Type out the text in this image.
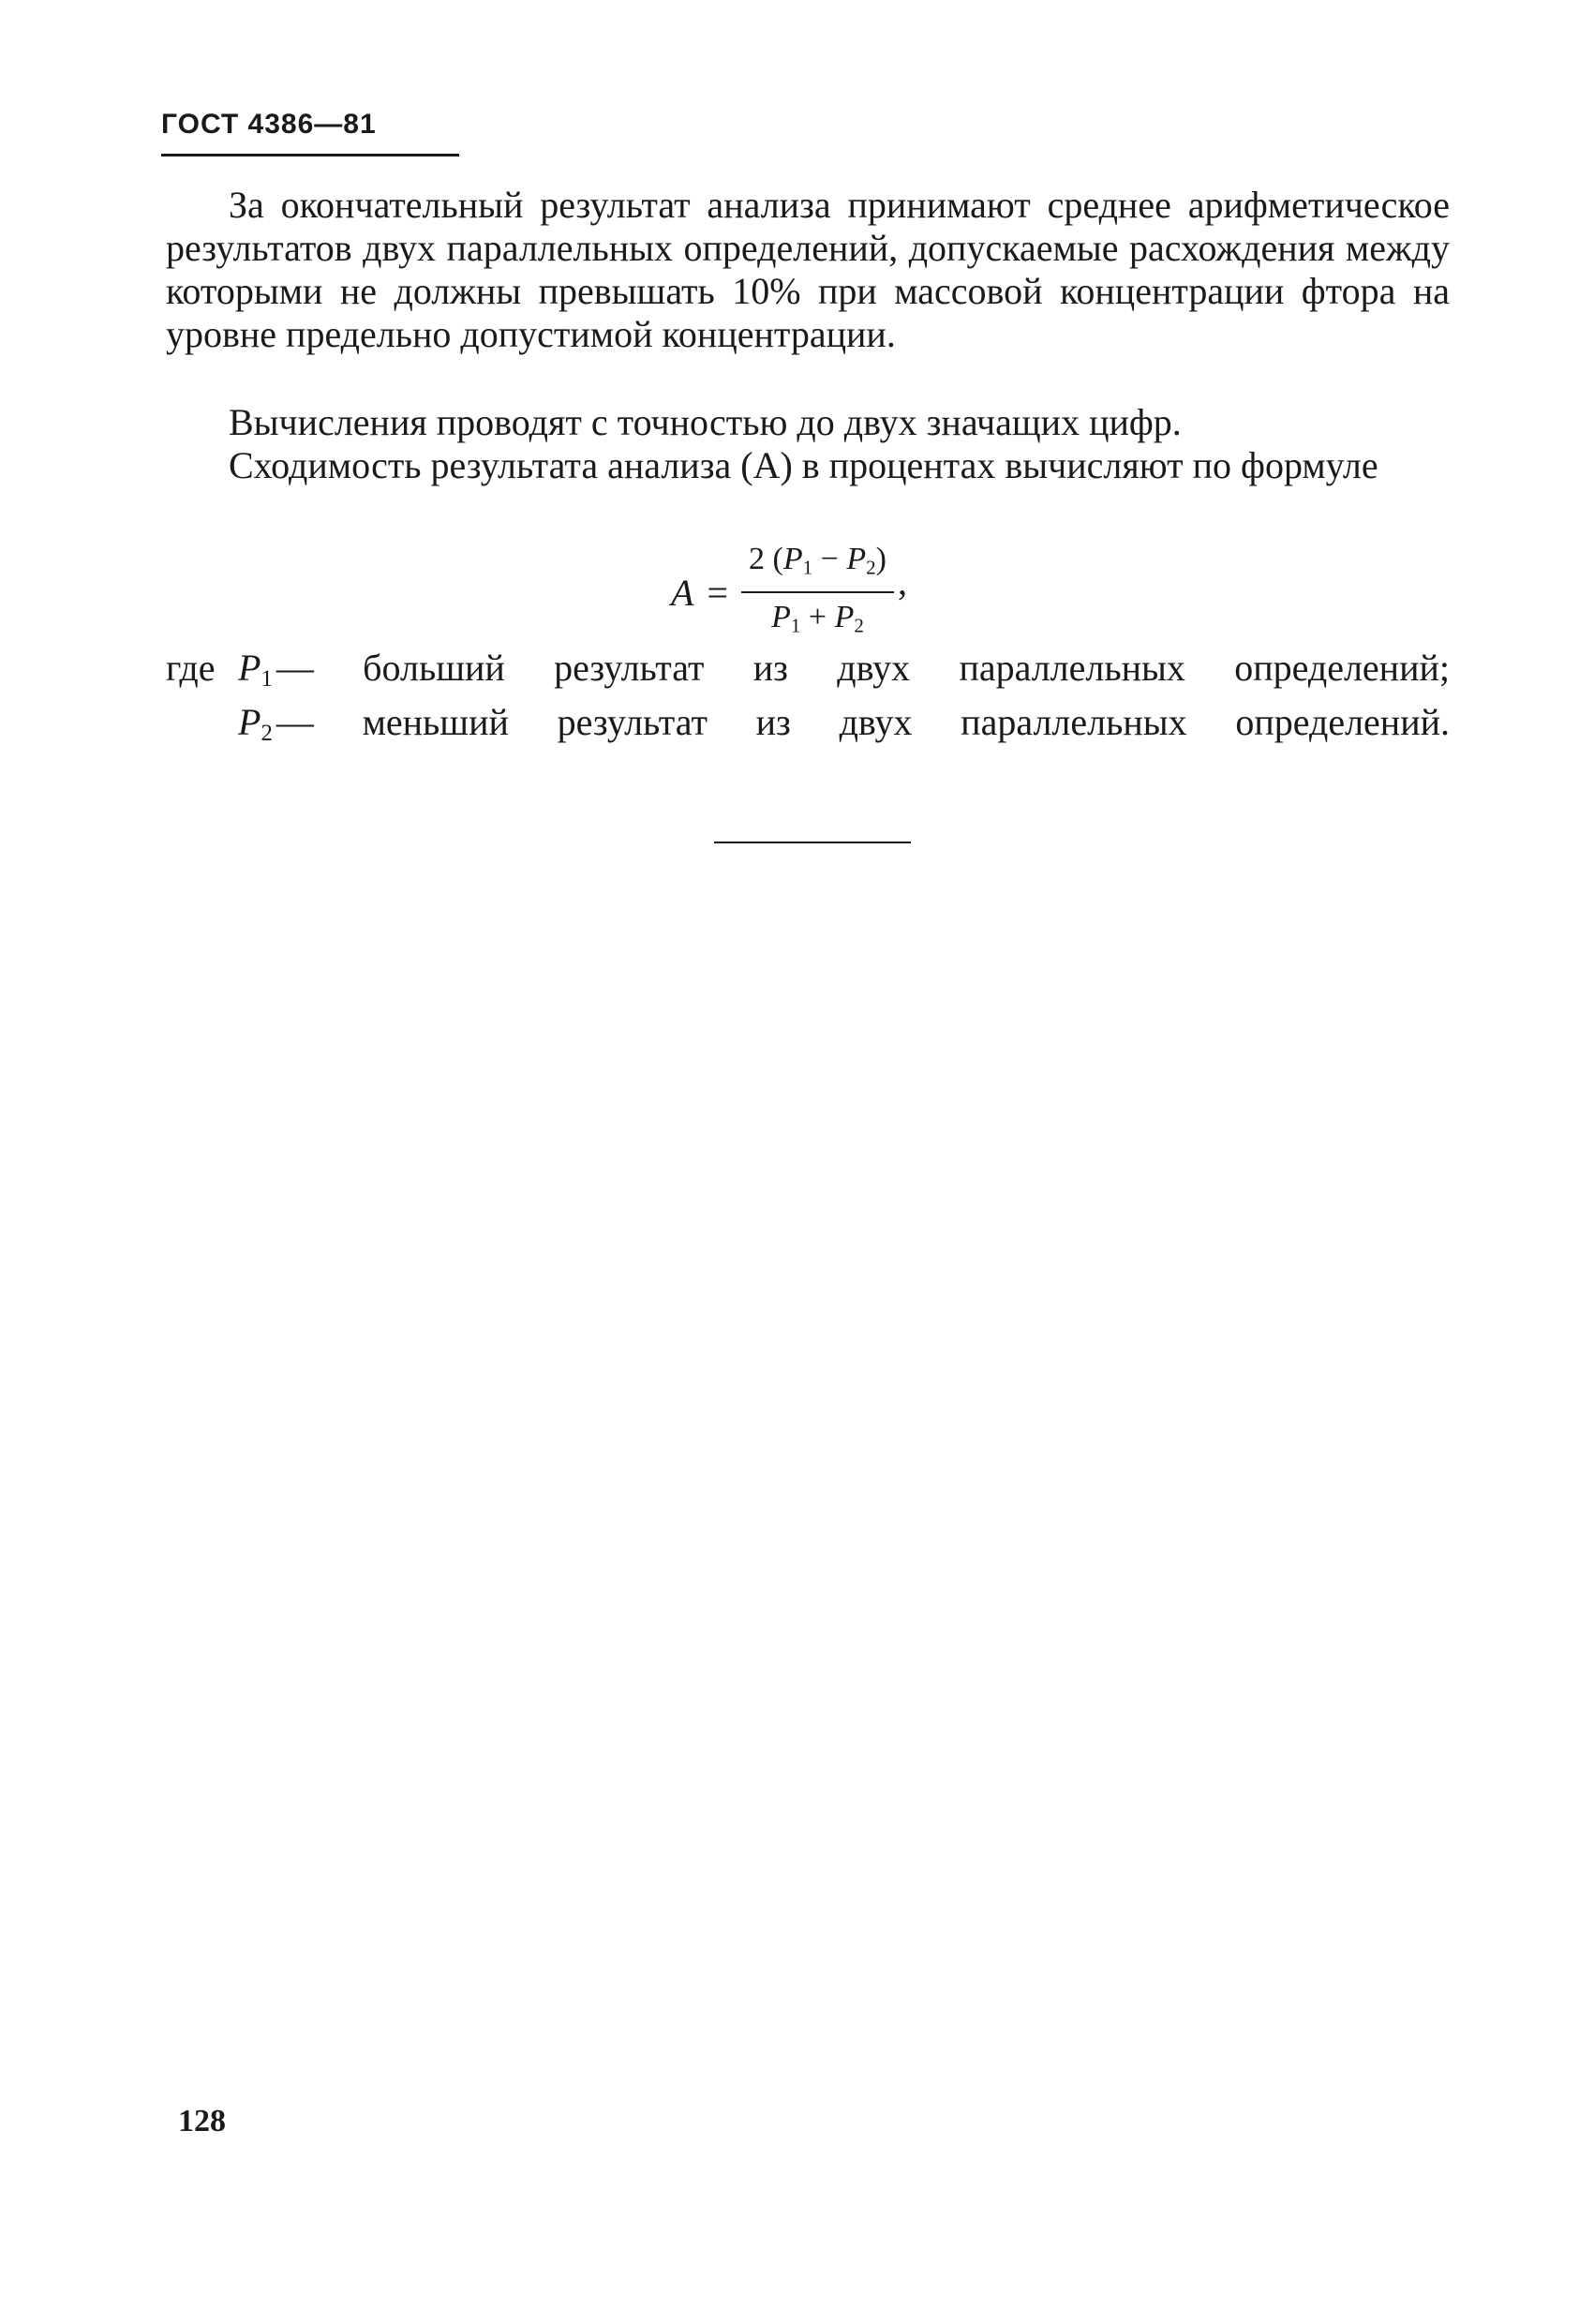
ГОСТ 4386—81
За окончательный результат анализа принимают среднее арифметическое результатов двух параллельных определений, допускаемые расхождения между которыми не должны превышать 10% при массовой концентрации фтора на уровне предельно допустимой концентрации.
Вычисления проводят с точностью до двух значащих цифр.
Сходимость результата анализа (A) в процентах вычисляют по формуле
$A = \frac{2 (P_1 - P_2)}{P_1 + P_2}$ ,
где $P_1$ — больший результат из двух параллельных определений;
$P_2$ — меньший результат из двух параллельных определений.
128
